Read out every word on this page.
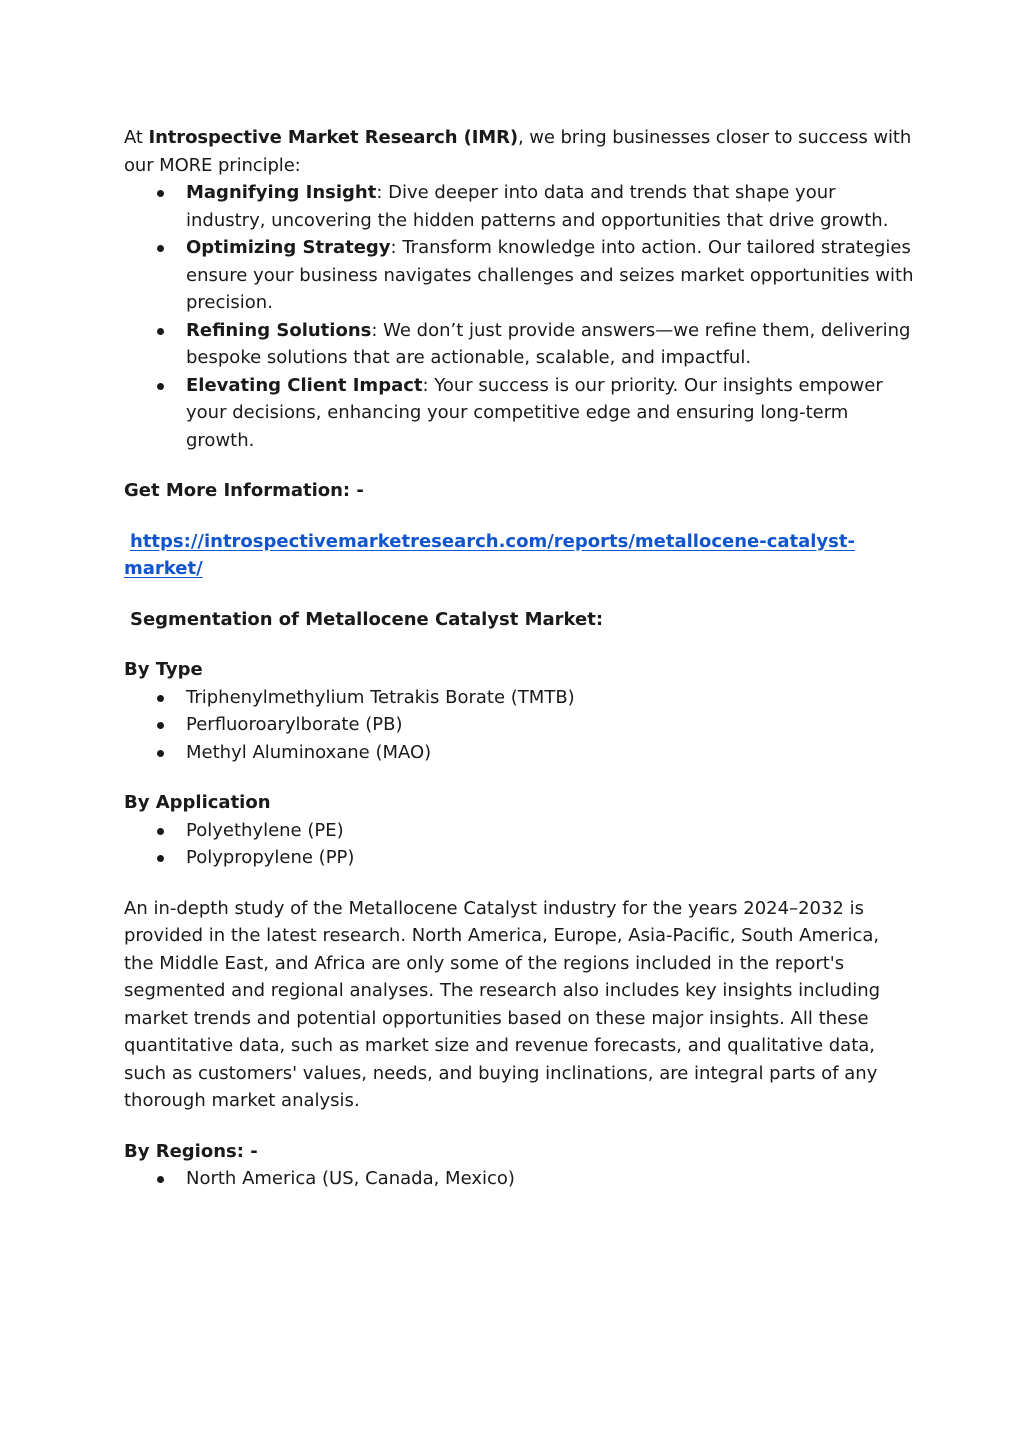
At Introspective Market Research (IMR), we bring businesses closer to success with our MORE principle:

Magnifying Insight: Dive deeper into data and trends that shape your industry, uncovering the hidden patterns and opportunities that drive growth.
Optimizing Strategy: Transform knowledge into action. Our tailored strategies ensure your business navigates challenges and seizes market opportunities with precision.
Refining Solutions: We don’t just provide answers—we refine them, delivering bespoke solutions that are actionable, scalable, and impactful.
Elevating Client Impact: Your success is our priority. Our insights empower your decisions, enhancing your competitive edge and ensuring long-term growth.

Get More Information: -

https://introspectivemarketresearch.com/reports/metallocene-catalyst-
market/

Segmentation of Metallocene Catalyst Market:

By Type

Triphenylmethylium Tetrakis Borate (TMTB)
Perfluoroarylborate (PB)
Methyl Aluminoxane (MAO)

By Application

Polyethylene (PE)
Polypropylene (PP)

An in-depth study of the Metallocene Catalyst industry for the years 2024–2032 is provided in the latest research. North America, Europe, Asia-Pacific, South America, the Middle East, and Africa are only some of the regions included in the report's segmented and regional analyses. The research also includes key insights including market trends and potential opportunities based on these major insights. All these quantitative data, such as market size and revenue forecasts, and qualitative data, such as customers' values, needs, and buying inclinations, are integral parts of any thorough market analysis.

By Regions: -

North America (US, Canada, Mexico)
